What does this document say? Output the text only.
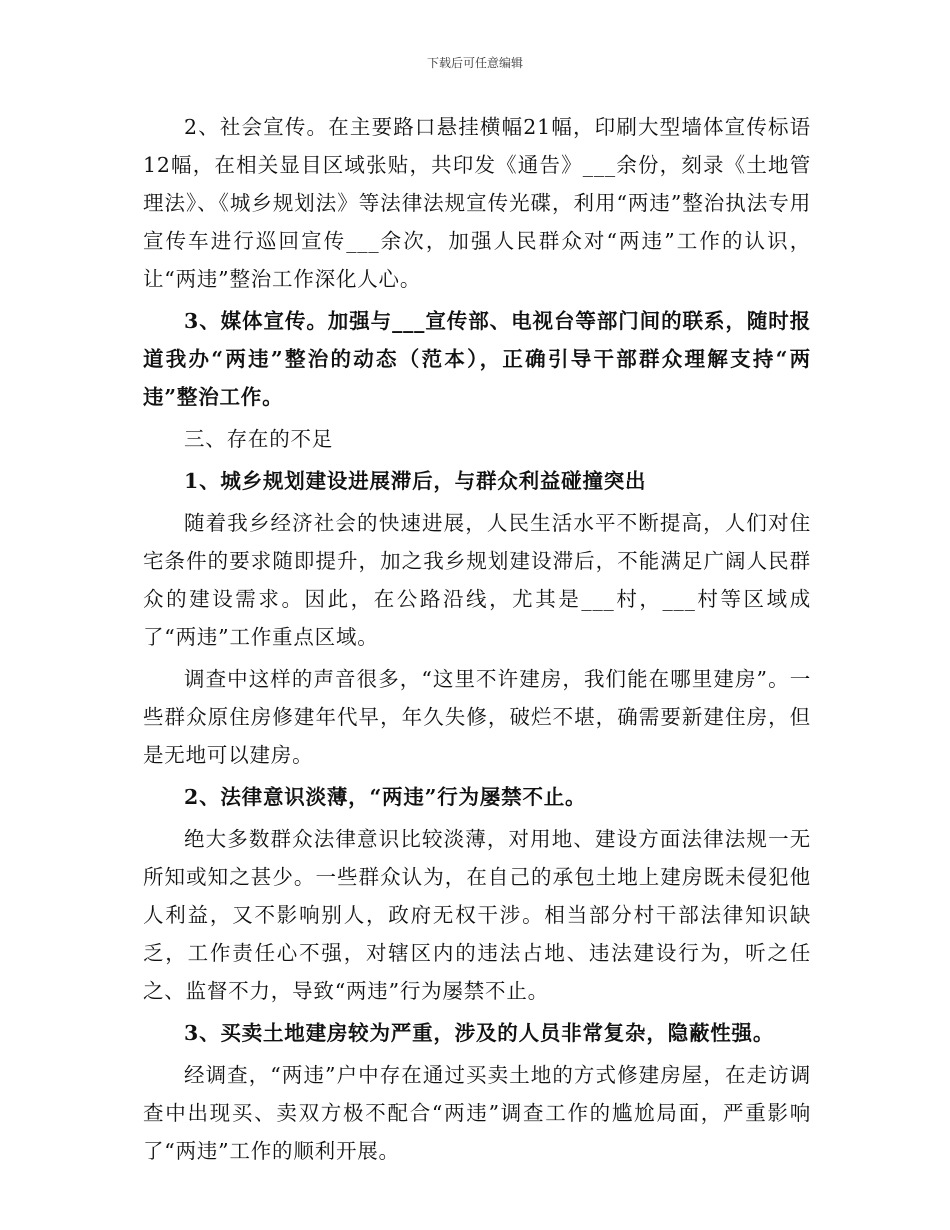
下载后可任意编辑

2、社会宣传。在主要路口悬挂横幅21幅，印刷大型墙体宣传标语12幅，在相关显目区域张贴，共印发《通告》___余份，刻录《土地管理法》、《城乡规划法》等法律法规宣传光碟，利用“两违”整治执法专用宣传车进行巡回宣传___余次，加强人民群众对“两违”工作的认识，让“两违”整治工作深化人心。

3、媒体宣传。加强与___宣传部、电视台等部门间的联系，随时报道我办“两违”整治的动态（范本），正确引导干部群众理解支持“两违”整治工作。

三、存在的不足

1、城乡规划建设进展滞后，与群众利益碰撞突出

随着我乡经济社会的快速进展，人民生活水平不断提高，人们对住宅条件的要求随即提升，加之我乡规划建设滞后，不能满足广阔人民群众的建设需求。因此，在公路沿线，尤其是___村，___村等区域成了“两违”工作重点区域。

调查中这样的声音很多，“这里不许建房，我们能在哪里建房”。一些群众原住房修建年代早，年久失修，破烂不堪，确需要新建住房，但是无地可以建房。

2、法律意识淡薄，“两违”行为屡禁不止。

绝大多数群众法律意识比较淡薄，对用地、建设方面法律法规一无所知或知之甚少。一些群众认为，在自己的承包土地上建房既未侵犯他人利益，又不影响别人，政府无权干涉。相当部分村干部法律知识缺乏，工作责任心不强，对辖区内的违法占地、违法建设行为，听之任之、监督不力，导致“两违”行为屡禁不止。

3、买卖土地建房较为严重，涉及的人员非常复杂，隐蔽性强。

经调查，“两违”户中存在通过买卖土地的方式修建房屋，在走访调查中出现买、卖双方极不配合“两违”调查工作的尴尬局面，严重影响了“两违”工作的顺利开展。
